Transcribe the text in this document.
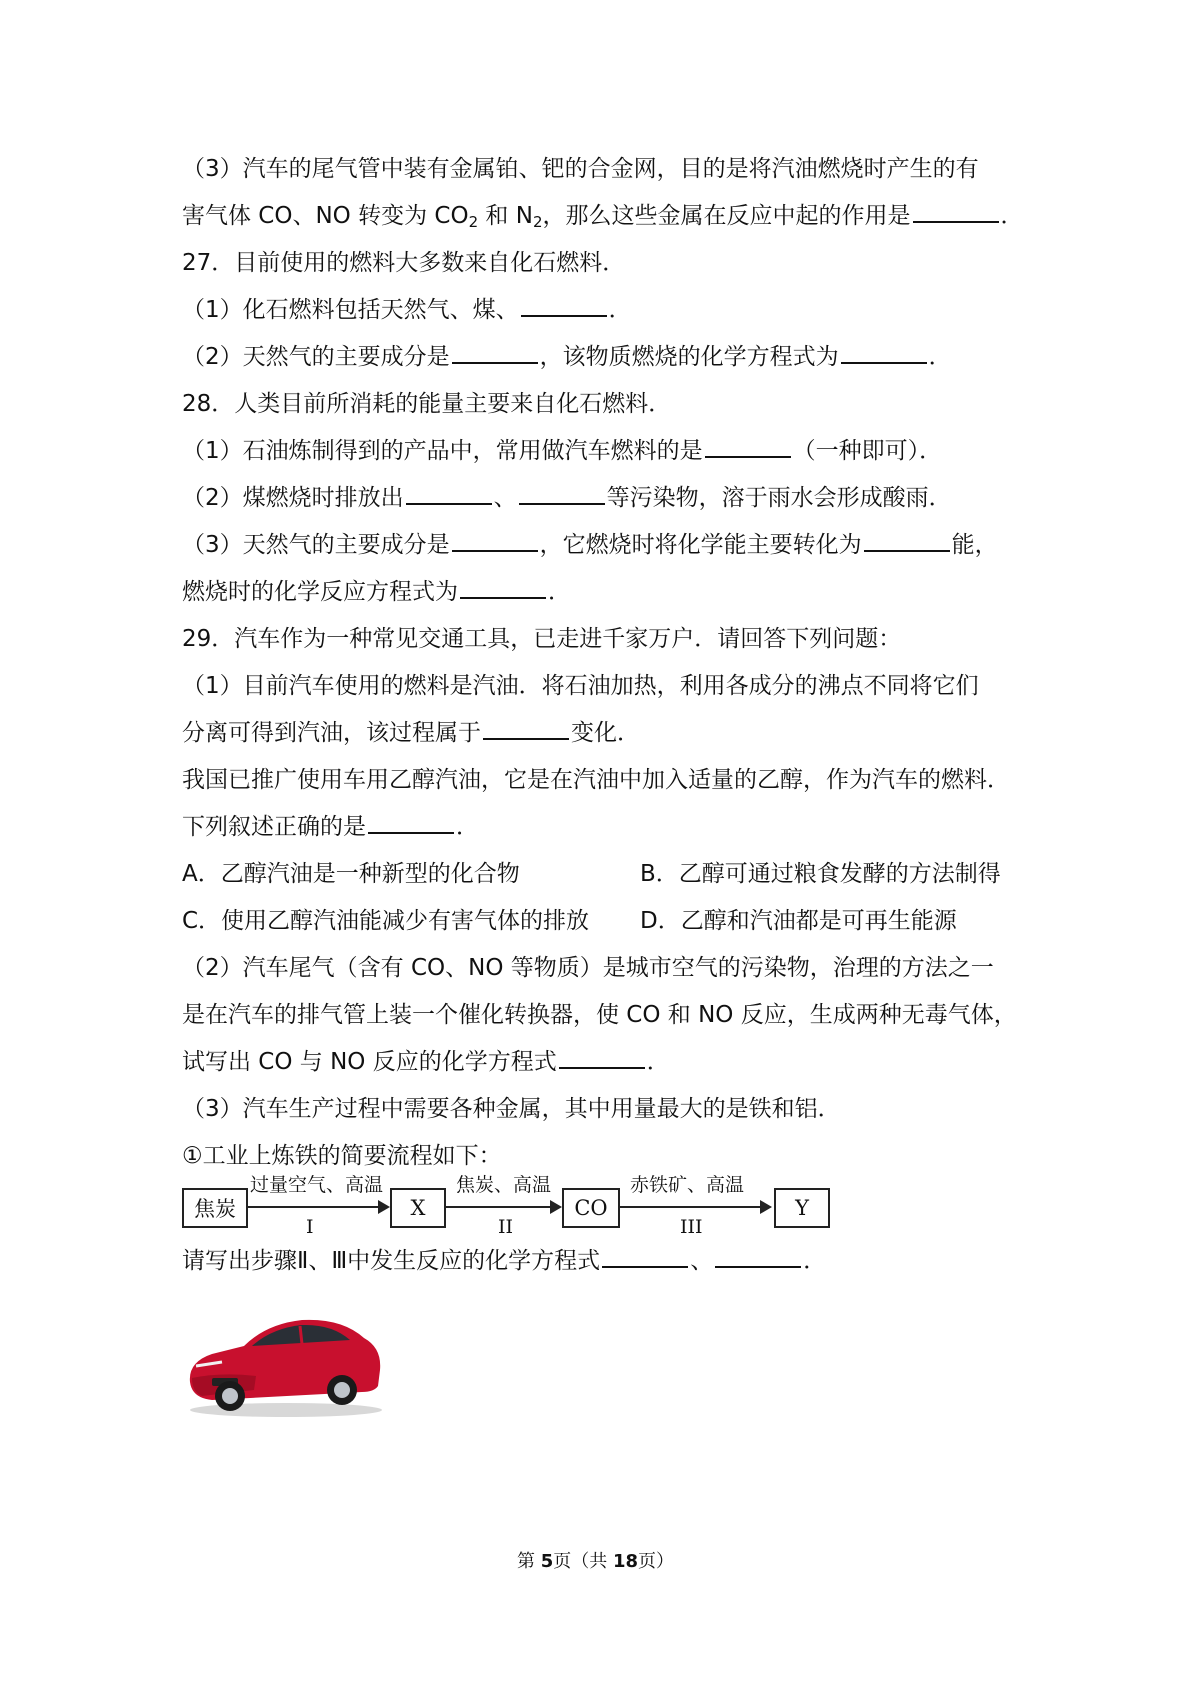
（3）汽车的尾气管中装有金属铂、钯的合金网，目的是将汽油燃烧时产生的有
害气体 CO、NO 转变为 $CO_2$ 和 $N_2$，那么这些金属在反应中起的作用是	．
27．目前使用的燃料大多数来自化石燃料．
（1）化石燃料包括天然气、煤、	．
（2）天然气的主要成分是	，该物质燃烧的化学方程式为	．
28．人类目前所消耗的能量主要来自化石燃料．
（1）石油炼制得到的产品中，常用做汽车燃料的是	（一种即可）．
（2）煤燃烧时排放出	、	等污染物，溶于雨水会形成酸雨．
（3）天然气的主要成分是	，它燃烧时将化学能主要转化为	能，
燃烧时的化学反应方程式为	．
29．汽车作为一种常见交通工具，已走进千家万户．请回答下列问题：
（1）目前汽车使用的燃料是汽油．将石油加热，利用各成分的沸点不同将它们
分离可得到汽油，该过程属于	变化．
我国已推广使用车用乙醇汽油，它是在汽油中加入适量的乙醇，作为汽车的燃料．
下列叙述正确的是	．
A．乙醇汽油是一种新型的化合物	B．乙醇可通过粮食发酵的方法制得
C．使用乙醇汽油能减少有害气体的排放 D．乙醇和汽油都是可再生能源
（2）汽车尾气（含有 CO、NO 等物质）是城市空气的污染物，治理的方法之一
是在汽车的排气管上装一个催化转换器，使 CO 和 NO 反应，生成两种无毒气体，
试写出 CO 与 NO 反应的化学方程式	．
（3）汽车生产过程中需要各种金属，其中用量最大的是铁和铝．
①工业上炼铁的简要流程如下：
焦炭
过量空气、高温
I
X
焦炭、高温
II
CO
赤铁矿、高温
III
Y
请写出步骤Ⅱ、Ⅲ中发生反应的化学方程式	、	．
第 5页（共 18页）
